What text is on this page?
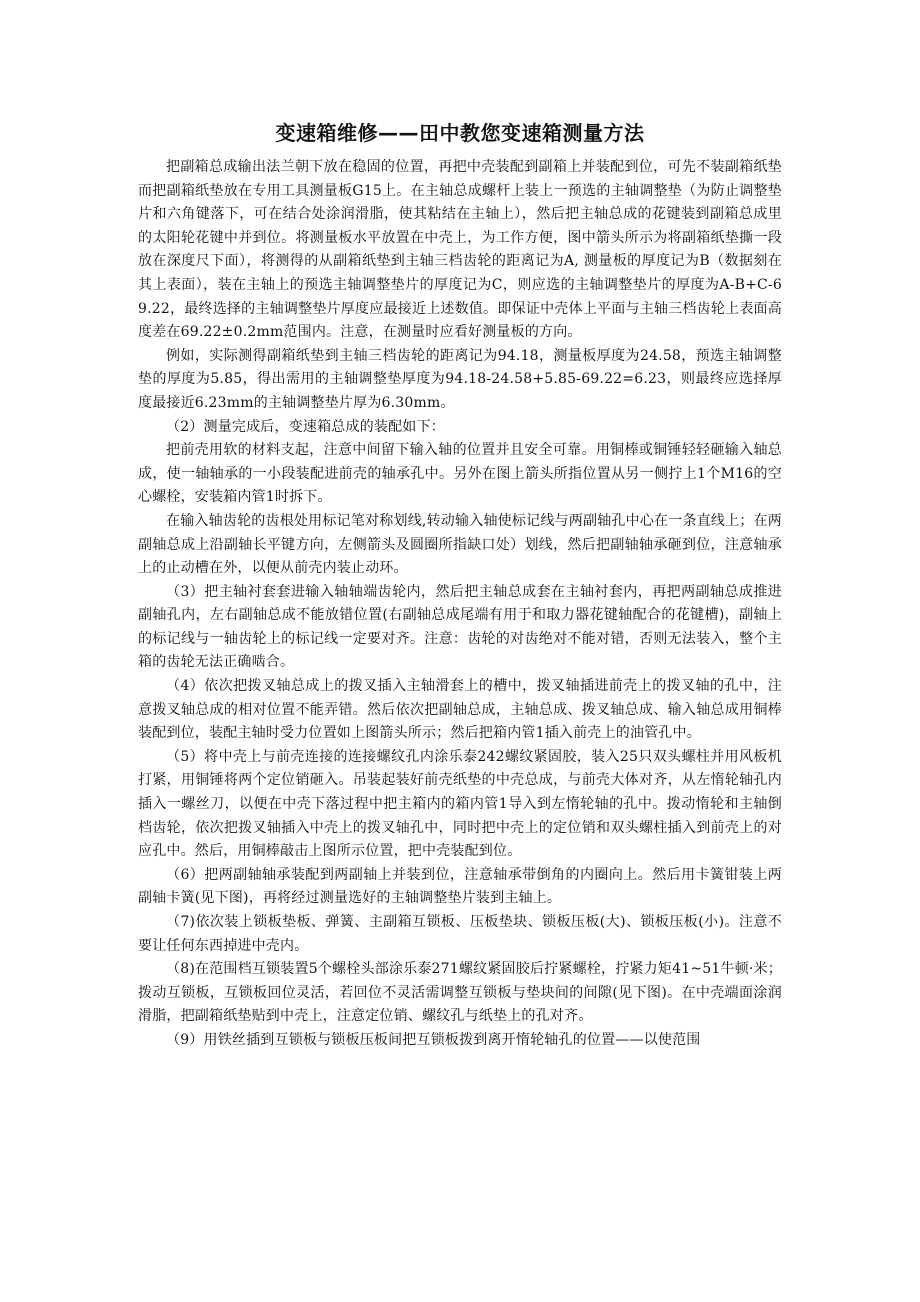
变速箱维修——田中教您变速箱测量方法

把副箱总成输出法兰朝下放在稳固的位置，再把中壳装配到副箱上并装配到位，可先不装副箱纸垫而把副箱纸垫放在专用工具测量板G15上。在主轴总成螺杆上装上一预选的主轴调整垫（为防止调整垫片和六角键落下，可在结合处涂润滑脂，使其粘结在主轴上），然后把主轴总成的花键装到副箱总成里的太阳轮花键中并到位。将测量板水平放置在中壳上，为工作方便，图中箭头所示为将副箱纸垫撕一段放在深度尺下面），将测得的从副箱纸垫到主轴三档齿轮的距离记为A, 测量板的厚度记为B（数据刻在其上表面），装在主轴上的预选主轴调整垫片的厚度记为C，则应选的主轴调整垫片的厚度为A-B+C-69.22，最终选择的主轴调整垫片厚度应最接近上述数值。即保证中壳体上平面与主轴三档齿轮上表面高度差在69.22±0.2mm范围内。注意，在测量时应看好测量板的方向。

例如，实际测得副箱纸垫到主轴三档齿轮的距离记为94.18，测量板厚度为24.58，预选主轴调整垫的厚度为5.85，得出需用的主轴调整垫厚度为94.18-24.58+5.85-69.22=6.23，则最终应选择厚度最接近6.23mm的主轴调整垫片厚为6.30mm。

（2）测量完成后，变速箱总成的装配如下：

把前壳用软的材料支起，注意中间留下输入轴的位置并且安全可靠。用铜棒或铜锤轻轻砸输入轴总成，使一轴轴承的一小段装配进前壳的轴承孔中。另外在图上箭头所指位置从另一侧拧上1个M16的空心螺栓，安装箱内管1时拆下。

在输入轴齿轮的齿根处用标记笔对称划线,转动输入轴使标记线与两副轴孔中心在一条直线上；在两副轴总成上沿副轴长平键方向，左侧箭头及圆圈所指缺口处）划线，然后把副轴轴承砸到位，注意轴承上的止动槽在外，以便从前壳内装止动环。

（3）把主轴衬套套进输入轴轴端齿轮内，然后把主轴总成套在主轴衬套内，再把两副轴总成推进副轴孔内，左右副轴总成不能放错位置(右副轴总成尾端有用于和取力器花键轴配合的花键槽)，副轴上的标记线与一轴齿轮上的标记线一定要对齐。注意：齿轮的对齿绝对不能对错，否则无法装入，整个主箱的齿轮无法正确啮合。

（4）依次把拨叉轴总成上的拨叉插入主轴滑套上的槽中，拨叉轴插进前壳上的拨叉轴的孔中，注意拨叉轴总成的相对位置不能弄错。然后依次把副轴总成，主轴总成、拨叉轴总成、输入轴总成用铜棒装配到位，装配主轴时受力位置如上图箭头所示；然后把箱内管1插入前壳上的油管孔中。

（5）将中壳上与前壳连接的连接螺纹孔内涂乐泰242螺纹紧固胶，装入25只双头螺柱并用风板机打紧，用铜锤将两个定位销砸入。吊装起装好前壳纸垫的中壳总成，与前壳大体对齐，从左惰轮轴孔内插入一螺丝刀，以便在中壳下落过程中把主箱内的箱内管1导入到左惰轮轴的孔中。拨动惰轮和主轴倒档齿轮，依次把拨叉轴插入中壳上的拨叉轴孔中，同时把中壳上的定位销和双头螺柱插入到前壳上的对应孔中。然后，用铜棒敲击上图所示位置，把中壳装配到位。

（6）把两副轴轴承装配到两副轴上并装到位，注意轴承带倒角的内圈向上。然后用卡簧钳装上两副轴卡簧(见下图)，再将经过测量选好的主轴调整垫片装到主轴上。

（7)依次装上锁板垫板、弹簧、主副箱互锁板、压板垫块、锁板压板(大)、锁板压板(小)。注意不要让任何东西掉进中壳内。

（8)在范围档互锁装置5个螺栓头部涂乐泰271螺纹紧固胶后拧紧螺栓，拧紧力矩41~51牛顿·米；拨动互锁板，互锁板回位灵活，若回位不灵活需调整互锁板与垫块间的间隙(见下图)。在中壳端面涂润滑脂，把副箱纸垫贴到中壳上，注意定位销、螺纹孔与纸垫上的孔对齐。

（9）用铁丝插到互锁板与锁板压板间把互锁板拨到离开惰轮轴孔的位置——以使范围
